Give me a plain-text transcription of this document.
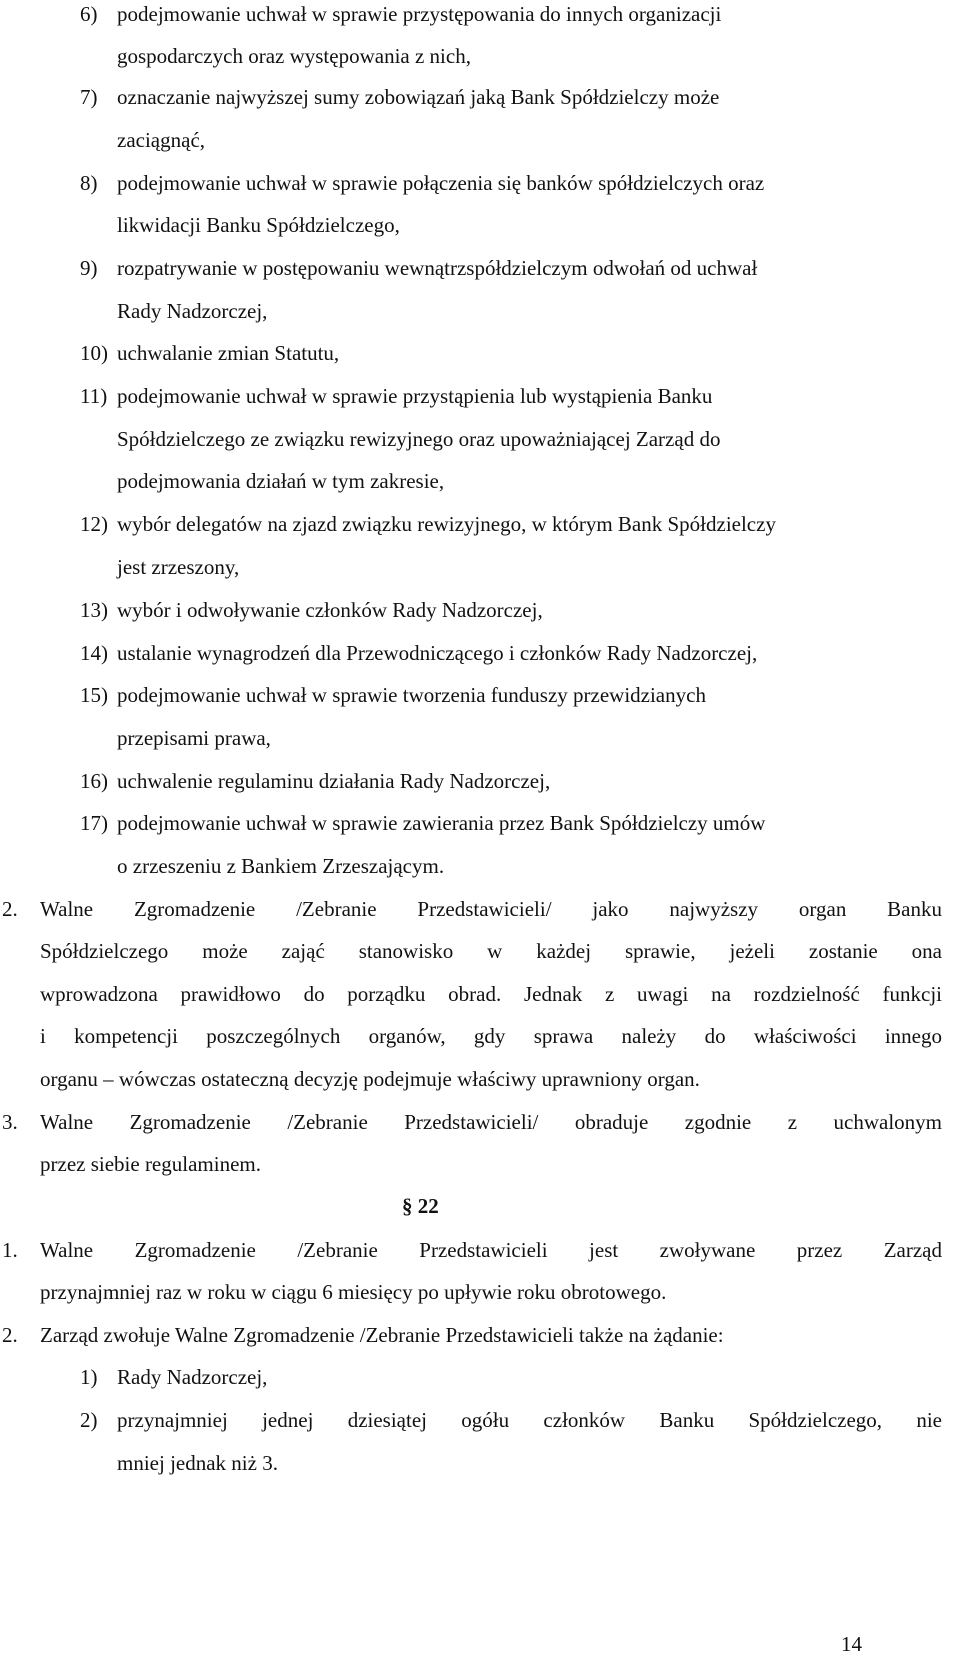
6) podejmowanie uchwał w sprawie przystępowania do innych organizacji
gospodarczych oraz występowania z nich,
7) oznaczanie najwyższej sumy zobowiązań jaką Bank Spółdzielczy może
zaciągnąć,
8) podejmowanie uchwał w sprawie połączenia się banków spółdzielczych oraz
likwidacji Banku Spółdzielczego,
9) rozpatrywanie w postępowaniu wewnątrzspółdzielczym odwołań od uchwał
Rady Nadzorczej,
10) uchwalanie zmian Statutu,
11) podejmowanie uchwał w sprawie przystąpienia lub wystąpienia Banku
Spółdzielczego ze związku rewizyjnego oraz upoważniającej Zarząd do
podejmowania działań w tym zakresie,
12) wybór delegatów na zjazd związku rewizyjnego, w którym Bank Spółdzielczy
jest zrzeszony,
13) wybór i odwoływanie członków Rady Nadzorczej,
14) ustalanie wynagrodzeń dla Przewodniczącego i członków Rady Nadzorczej,
15) podejmowanie uchwał w sprawie tworzenia funduszy przewidzianych
przepisami prawa,
16) uchwalenie regulaminu działania Rady Nadzorczej,
17) podejmowanie uchwał w sprawie zawierania przez Bank Spółdzielczy umów
o zrzeszeniu z Bankiem Zrzeszającym.
2. Walne Zgromadzenie /Zebranie Przedstawicieli/ jako najwyższy organ Banku
Spółdzielczego może zająć stanowisko w każdej sprawie, jeżeli zostanie ona
wprowadzona prawidłowo do porządku obrad. Jednak z uwagi na rozdzielność funkcji
i kompetencji poszczególnych organów, gdy sprawa należy do właściwości innego
organu – wówczas ostateczną decyzję podejmuje właściwy uprawniony organ.
3. Walne Zgromadzenie /Zebranie Przedstawicieli/ obraduje zgodnie z uchwalonym
przez siebie regulaminem.
§ 22
1. Walne Zgromadzenie /Zebranie Przedstawicieli jest zwoływane przez Zarząd
przynajmniej raz w roku w ciągu 6 miesięcy po upływie roku obrotowego.
2. Zarząd zwołuje Walne Zgromadzenie /Zebranie Przedstawicieli także na żądanie:
1) Rady Nadzorczej,
2) przynajmniej jednej dziesiątej ogółu członków Banku Spółdzielczego, nie
mniej jednak niż 3.
14
